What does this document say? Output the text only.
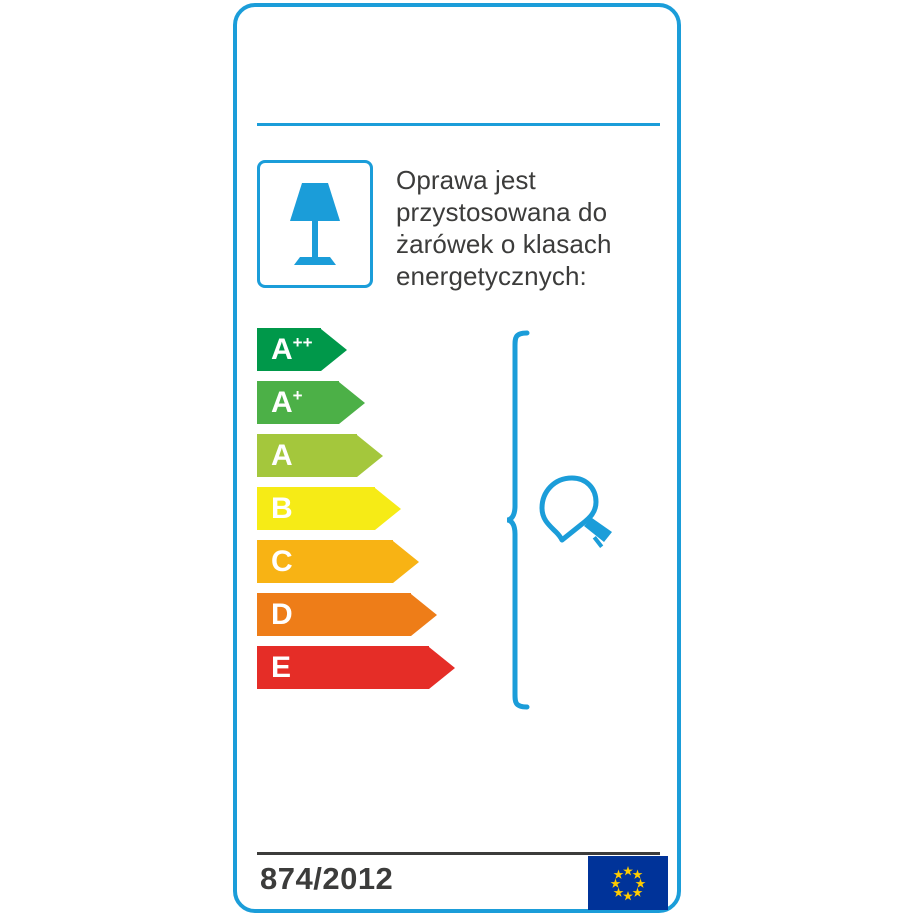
Oprawa jest przystosowana do żarówek o klasach energetycznych:
A++
A+
A
B
C
D
E
874/2012
